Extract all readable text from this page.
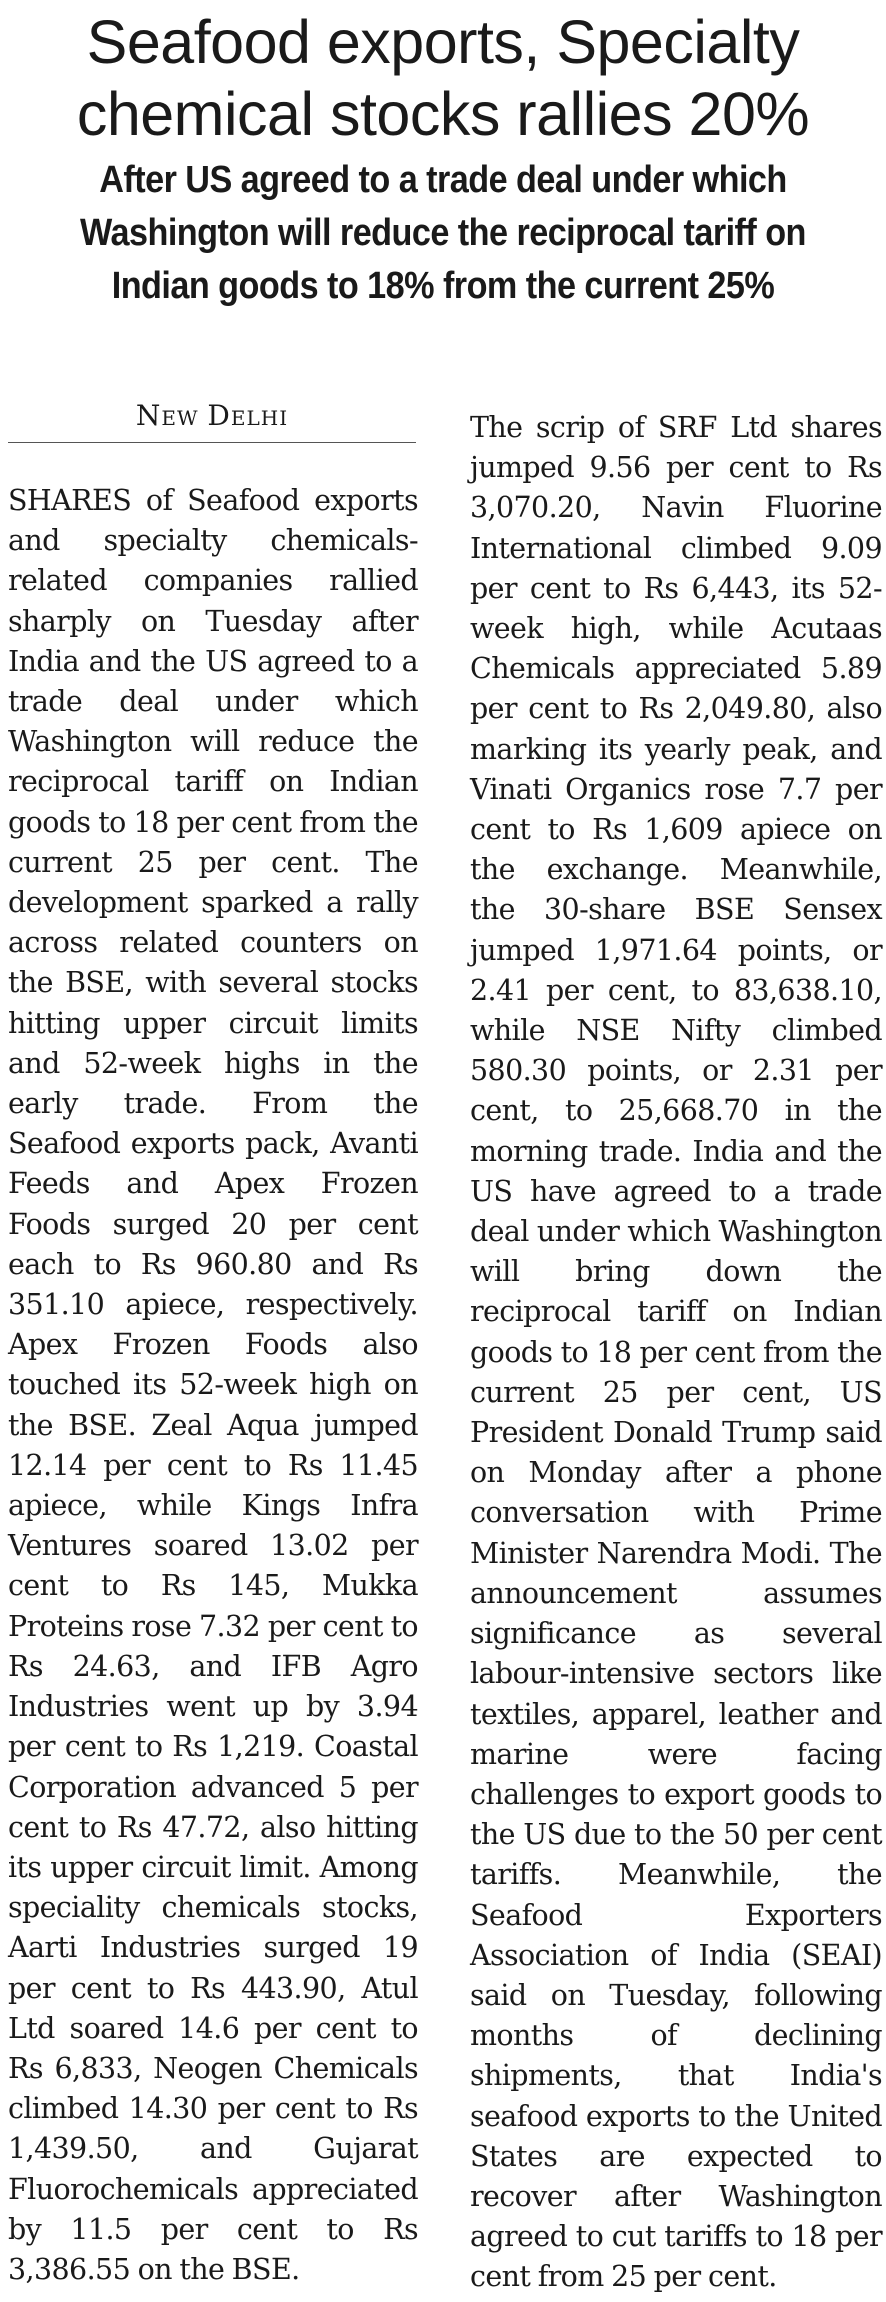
Seafood exports, Specialty
chemical stocks rallies 20%
After US agreed to a trade deal under which
Washington will reduce the reciprocal tariff on
Indian goods to 18% from the current 25%
New Delhi

SHARES of Seafood exports and specialty chemicals-related companies rallied sharply on Tuesday after India and the US agreed to a trade deal under which Washington will reduce the reciprocal tariff on Indian goods to 18 per cent from the current 25 per cent. The development sparked a rally across related counters on the BSE, with several stocks hitting upper circuit limits and 52-week highs in the early trade. From the Seafood exports pack, Avanti Feeds and Apex Frozen Foods surged 20 per cent each to Rs 960.80 and Rs 351.10 apiece, respectively. Apex Frozen Foods also touched its 52-week high on the BSE. Zeal Aqua jumped 12.14 per cent to Rs 11.45 apiece, while Kings Infra Ventures soared 13.02 per cent to Rs 145, Mukka Proteins rose 7.32 per cent to Rs 24.63, and IFB Agro Industries went up by 3.94 per cent to Rs 1,219. Coastal Corporation advanced 5 per cent to Rs 47.72, also hitting its upper circuit limit. Among speciality chemicals stocks, Aarti Industries surged 19 per cent to Rs 443.90, Atul Ltd soared 14.6 per cent to Rs 6,833, Neogen Chemicals climbed 14.30 per cent to Rs 1,439.50, and Gujarat Fluorochemicals appreciated by 11.5 per cent to Rs 3,386.55 on the BSE.

The scrip of SRF Ltd shares jumped 9.56 per cent to Rs 3,070.20, Navin Fluorine International climbed 9.09 per cent to Rs 6,443, its 52-week high, while Acutaas Chemicals appreciated 5.89 per cent to Rs 2,049.80, also marking its yearly peak, and Vinati Organics rose 7.7 per cent to Rs 1,609 apiece on the exchange. Meanwhile, the 30-share BSE Sensex jumped 1,971.64 points, or 2.41 per cent, to 83,638.10, while NSE Nifty climbed 580.30 points, or 2.31 per cent, to 25,668.70 in the morning trade. India and the US have agreed to a trade deal under which Washington will bring down the reciprocal tariff on Indian goods to 18 per cent from the current 25 per cent, US President Donald Trump said on Monday after a phone conversation with Prime Minister Narendra Modi. The announcement assumes significance as several labour-intensive sectors like textiles, apparel, leather and marine were facing challenges to export goods to the US due to the 50 per cent tariffs. Meanwhile, the Seafood Exporters Association of India (SEAI) said on Tuesday, following months of declining shipments, that India's seafood exports to the United States are expected to recover after Washington agreed to cut tariffs to 18 per cent from 25 per cent.
